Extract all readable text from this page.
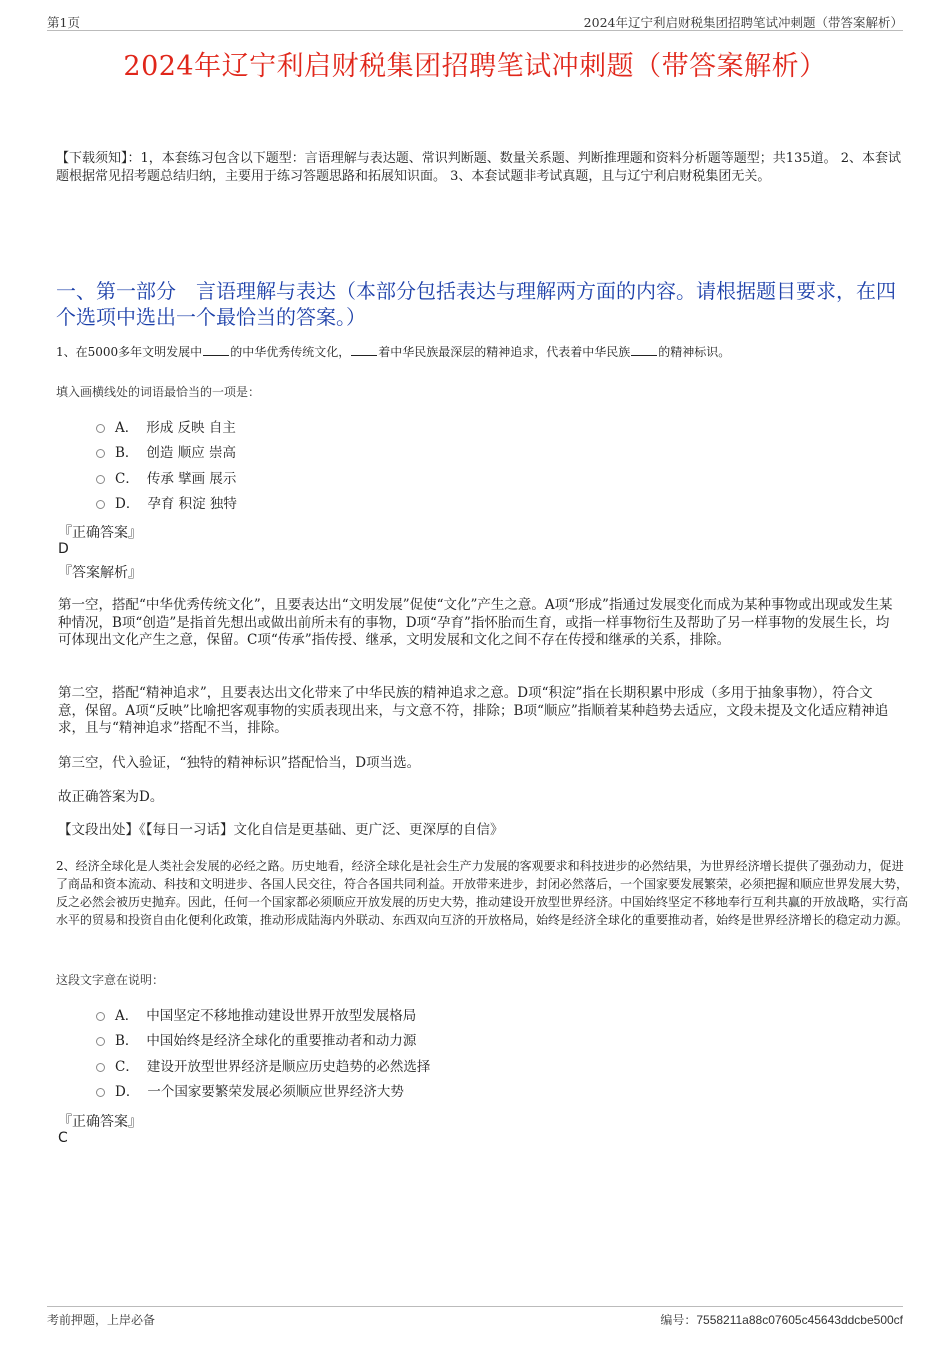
第1页	2024年辽宁利启财税集团招聘笔试冲刺题（带答案解析）
2024年辽宁利启财税集团招聘笔试冲刺题（带答案解析）
【下载须知】：1，本套练习包含以下题型：言语理解与表达题、常识判断题、数量关系题、判断推理题和资料分析题等题型；共135道。 2、本套试题根据常见招考题总结归纳，主要用于练习答题思路和拓展知识面。 3、本套试题非考试真题，且与辽宁利启财税集团无关。
一、第一部分　言语理解与表达（本部分包括表达与理解两方面的内容。请根据题目要求，在四个选项中选出一个最恰当的答案。）
1、在5000多年文明发展中 的中华优秀传统文化， 着中华民族最深层的精神追求，代表着中华民族 的精神标识。
填入画横线处的词语最恰当的一项是：
A． 形成 反映 自主
B． 创造 顺应 崇高
C． 传承 擘画 展示
D． 孕育 积淀 独特
『正确答案』
D
『答案解析』
第一空，搭配“中华优秀传统文化”，且要表达出“文明发展”促使“文化”产生之意。A项“形成”指通过发展变化而成为某种事物或出现或发生某种情况，B项“创造”是指首先想出或做出前所未有的事物，D项“孕育”指怀胎而生育，或指一样事物衍生及帮助了另一样事物的发展生长，均可体现出文化产生之意，保留。C项“传承”指传授、继承，文明发展和文化之间不存在传授和继承的关系，排除。
第二空，搭配“精神追求”，且要表达出文化带来了中华民族的精神追求之意。D项“积淀”指在长期积累中形成（多用于抽象事物），符合文意，保留。A项“反映”比喻把客观事物的实质表现出来，与文意不符，排除；B项“顺应”指顺着某种趋势去适应，文段未提及文化适应精神追求，且与“精神追求”搭配不当，排除。
第三空，代入验证，“独特的精神标识”搭配恰当，D项当选。
故正确答案为D。
【文段出处】《【每日一习话】文化自信是更基础、更广泛、更深厚的自信》
2、经济全球化是人类社会发展的必经之路。历史地看，经济全球化是社会生产力发展的客观要求和科技进步的必然结果，为世界经济增长提供了强劲动力，促进了商品和资本流动、科技和文明进步、各国人民交往，符合各国共同利益。开放带来进步，封闭必然落后，一个国家要发展繁荣，必须把握和顺应世界发展大势，反之必然会被历史抛弃。因此，任何一个国家都必须顺应开放发展的历史大势，推动建设开放型世界经济。中国始终坚定不移地奉行互利共赢的开放战略，实行高水平的贸易和投资自由化便利化政策，推动形成陆海内外联动、东西双向互济的开放格局，始终是经济全球化的重要推动者，始终是世界经济增长的稳定动力源。
这段文字意在说明：
A． 中国坚定不移地推动建设世界开放型发展格局
B． 中国始终是经济全球化的重要推动者和动力源
C． 建设开放型世界经济是顺应历史趋势的必然选择
D． 一个国家要繁荣发展必须顺应世界经济大势
『正确答案』
C
考前押题，上岸必备	编号：7558211a88c07605c45643ddcbe500cf
